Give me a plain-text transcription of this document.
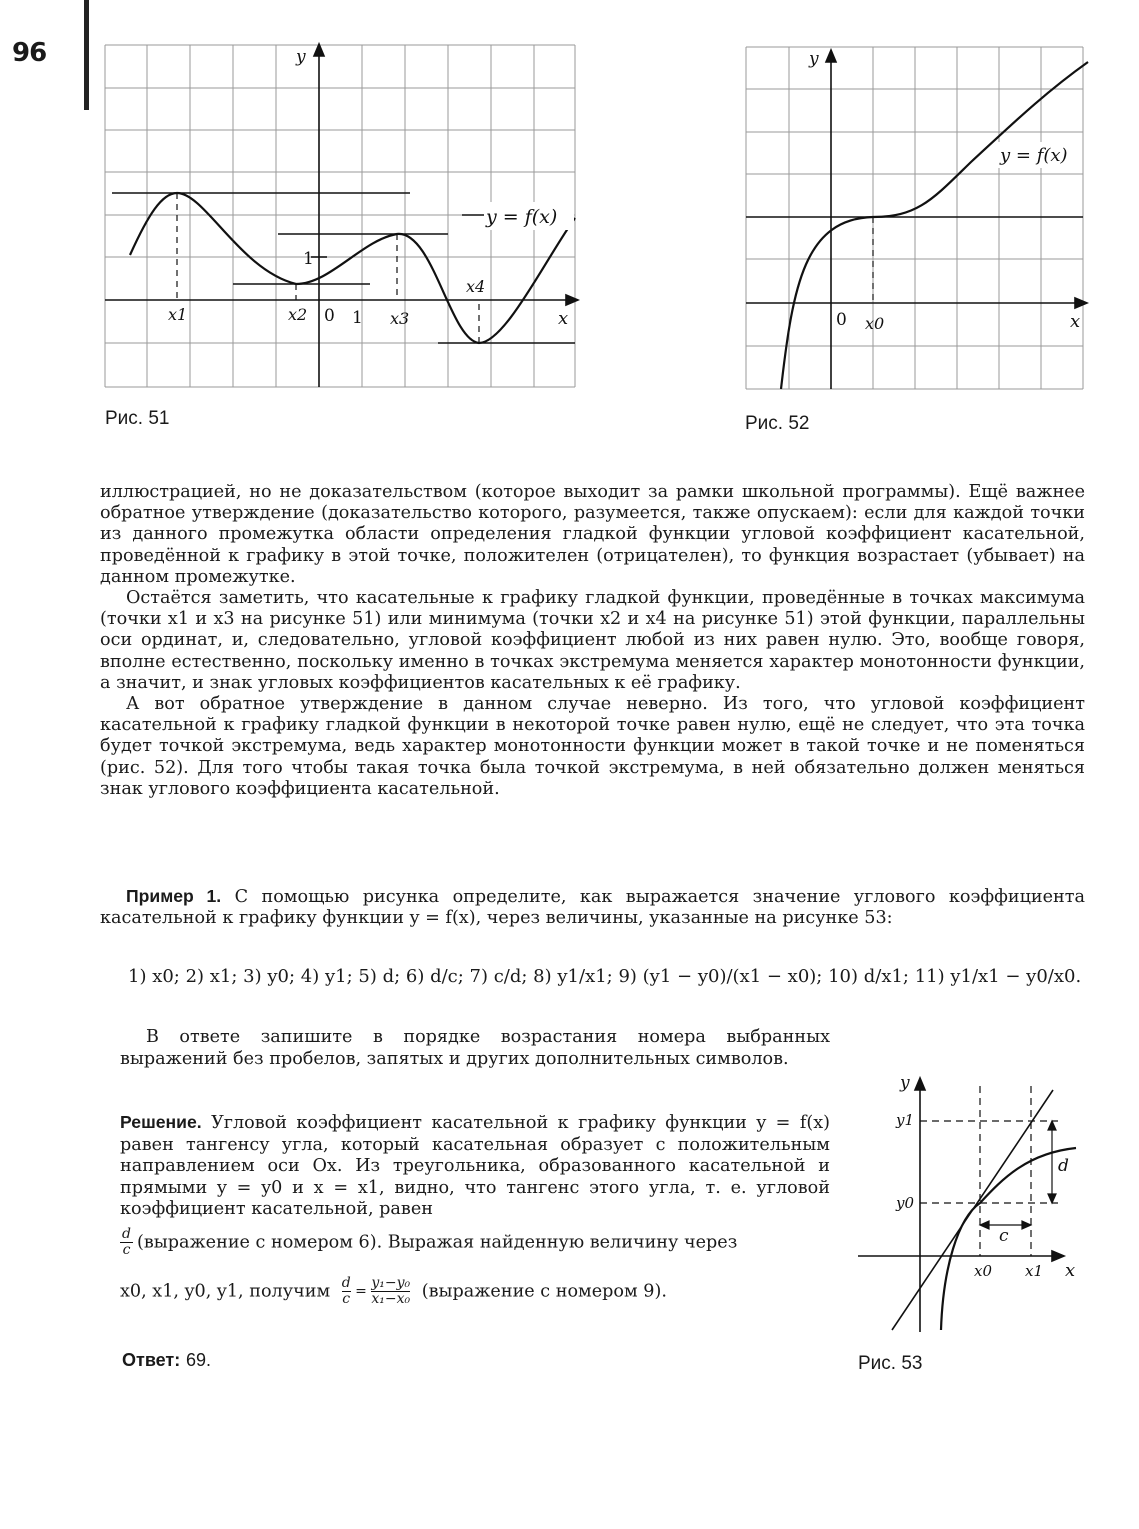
96
y = f(x)
y
x
x1	x2 0 1 x3
x4
1
Рис. 51
y = f(x)
y
x
0 x0
Рис. 52

иллюстрацией, но не доказательством (которое выходит за рамки школьной программы). Ещё важнее обратное утверждение (доказательство которого, разумеется, также опускаем): если для каждой точки из данного промежутка области определения гладкой функции угловой коэффициент касательной, проведённой к графику в этой точке, положителен (отрицателен), то функция возрастает (убывает) на данном промежутке.

Остаётся заметить, что касательные к графику гладкой функции, проведённые в точках максимума (точки x1 и x3 на рисунке 51) или минимума (точки x2 и x4 на рисунке 51) этой функции, параллельны оси ординат, и, следовательно, угловой коэффициент любой из них равен нулю. Это, вообще говоря, вполне естественно, поскольку именно в точках экстремума меняется характер монотонности функции, а значит, и знак угловых коэффициентов касательных к её графику.

А вот обратное утверждение в данном случае неверно. Из того, что угловой коэффициент касательной к графику гладкой функции в некоторой точке равен нулю, ещё не следует, что эта точка будет точкой экстремума, ведь характер монотонности функции может в такой точке и не поменяться (рис. 52). Для того чтобы такая точка была точкой экстремума, в ней обязательно должен меняться знак углового коэффициента касательной.

Пример 1. С помощью рисунка определите, как выражается значение углового коэффициента касательной к графику функции y = f(x), через величины, указанные на рисунке 53:

1) x0; 2) x1; 3) y0; 4) y1; 5) d; 6) d/c; 7) c/d; 8) y1/x1; 9) (y1 − y0)/(x1 − x0); 10) d/x1; 11) y1/x1 − y0/x0.

В ответе запишите в порядке возрастания номера выбранных выражений без пробелов, запятых и других дополнительных символов.

Решение. Угловой коэффициент касательной к графику функции y = f(x) равен тангенсу угла, который касательная образует с положительным направлением оси Ox. Из треугольника, образованного касательной и прямыми y = y0 и x = x1, видно, что тангенс этого угла, т. е. угловой коэффициент касательной, равен

$\frac{d}{c}$ (выражение с номером 6). Выражая найденную величину через

x0, x1, y0, y1, получим $\frac{d}{c} = \frac{\text{y₁−y₀}}{\text{x₁−x₀}}$ (выражение с номером 9).

Ответ: 69.
y
x
y1
y0
x0 x1
d
c
Рис. 53
